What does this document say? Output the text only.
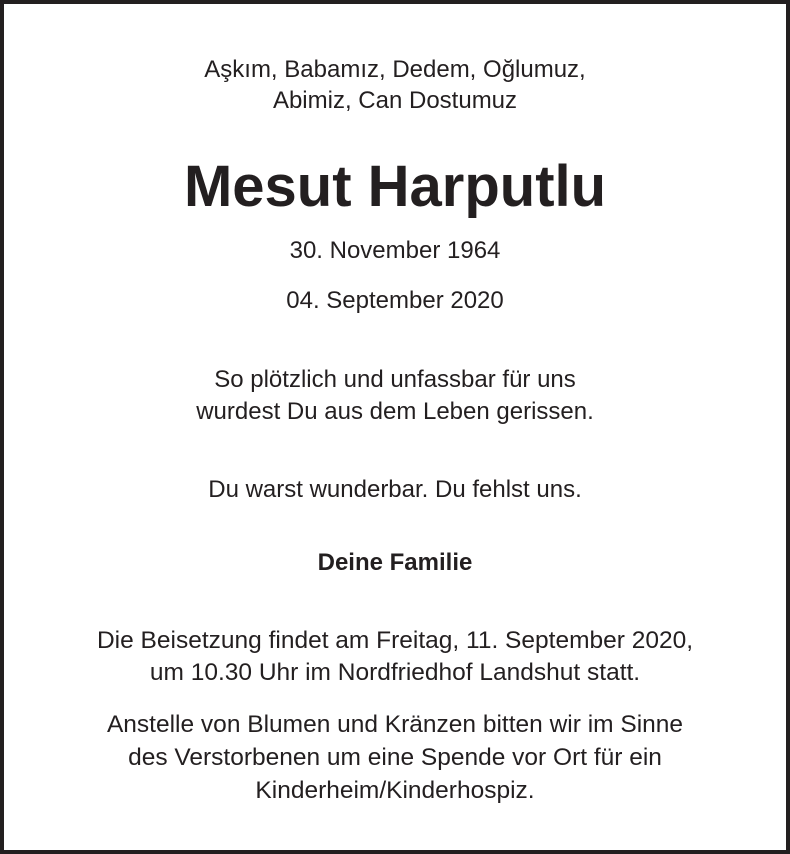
Aşkım, Babamız, Dedem, Oğlumuz,
Abimiz, Can Dostumuz
Mesut Harputlu
30. November 1964
04. September 2020
So plötzlich und unfassbar für uns
wurdest Du aus dem Leben gerissen.
Du warst wunderbar. Du fehlst uns.
Deine Familie
Die Beisetzung findet am Freitag, 11. September 2020,
um 10.30 Uhr im Nordfriedhof Landshut statt.
Anstelle von Blumen und Kränzen bitten wir im Sinne
des Verstorbenen um eine Spende vor Ort für ein
Kinderheim/Kinderhospiz.
